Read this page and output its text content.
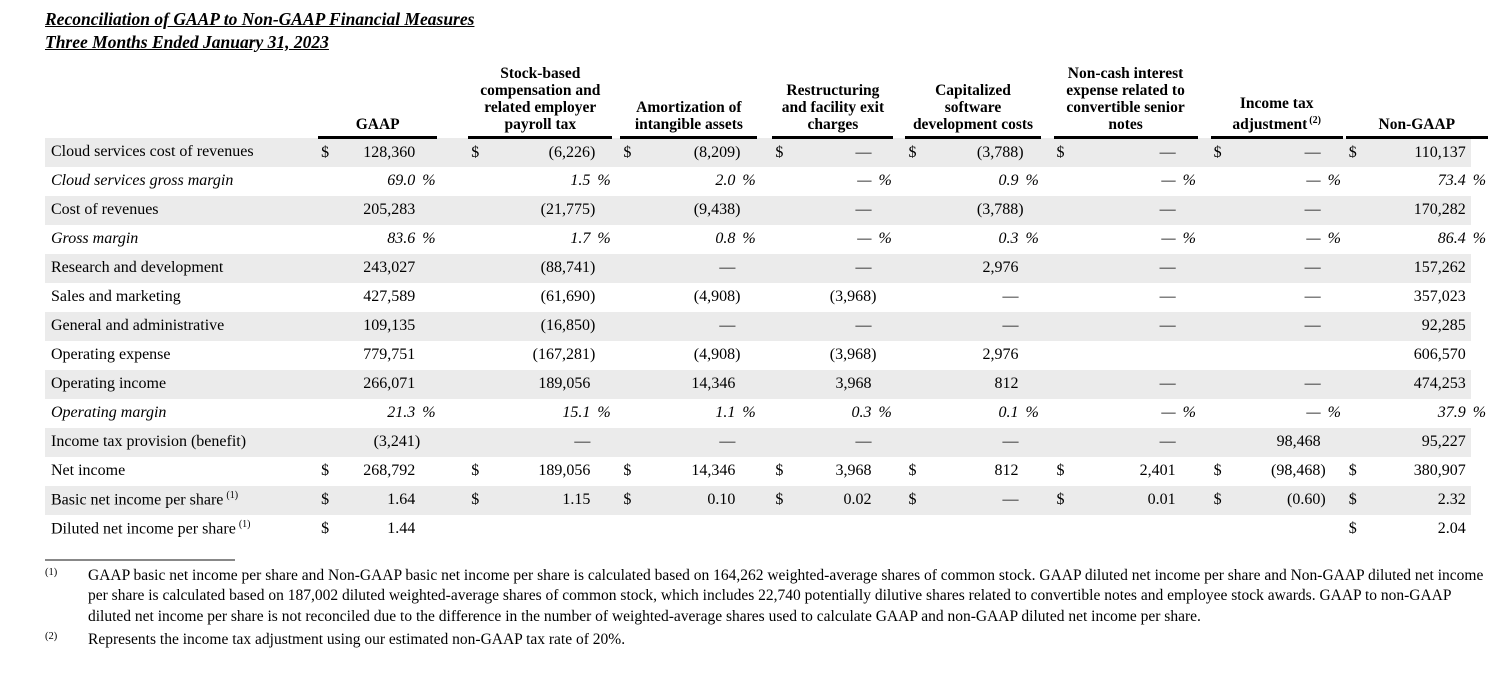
Reconciliation of GAAP to Non-GAAP Financial Measures
Three Months Ended January 31, 2023
		GAAP				Stock-based compensation and related employer payroll tax				Amortization of intangible assets				Restructuring and facility exit charges				Capitalized software development costs				Non-cash interest expense related to convertible senior notes				Income tax adjustment $^{(2)}$				Non-GAAP		
Cloud services cost of revenues		$	128,360			$	(6,226)			$	(8,209)			$	—			$	(3,788)			$	—			$	—			$	110,137	
Cloud services gross margin			69.0	%			1.5	%			2.0	%			—	%			0.9	%			—	%			—	%			73.4	%
Cost of revenues			205,283				(21,775)				(9,438)				—				(3,788)				—				—				170,282	
Gross margin			83.6	%			1.7	%			0.8	%			—	%			0.3	%			—	%			—	%			86.4	%
Research and development			243,027				(88,741)				—				—				2,976				—				—				157,262	
Sales and marketing			427,589				(61,690)				(4,908)				(3,968)				—				—				—				357,023	
General and administrative			109,135				(16,850)				—				—				—				—				—				92,285	
Operating expense			779,751				(167,281)				(4,908)				(3,968)				2,976												606,570	
Operating income			266,071				189,056				14,346				3,968				812				—				—				474,253	
Operating margin			21.3	%			15.1	%			1.1	%			0.3	%			0.1	%			—	%			—	%			37.9	%
Income tax provision (benefit)			(3,241)				—				—				—				—				—				98,468				95,227	
Net income		$	268,792			$	189,056			$	14,346			$	3,968			$	812			$	2,401			$	(98,468)			$	380,907	
Basic net income per share $^{(1)}$		$	1.64			$	1.15			$	0.10			$	0.02			$	—			$	0.01			$	(0.60)			$	2.32	
Diluted net income per share $^{(1)}$		$	1.44																											$	2.04	
(1) GAAP basic net income per share and Non-GAAP basic net income per share is calculated based on 164,262 weighted-average shares of common stock. GAAP diluted net income per share and Non-GAAP diluted net income per share is calculated based on 187,002 diluted weighted-average shares of common stock, which includes 22,740 potentially dilutive shares related to convertible notes and employee stock awards. GAAP to non-GAAP diluted net income per share is not reconciled due to the difference in the number of weighted-average shares used to calculate GAAP and non-GAAP diluted net income per share.
(2) Represents the income tax adjustment using our estimated non-GAAP tax rate of 20%.
